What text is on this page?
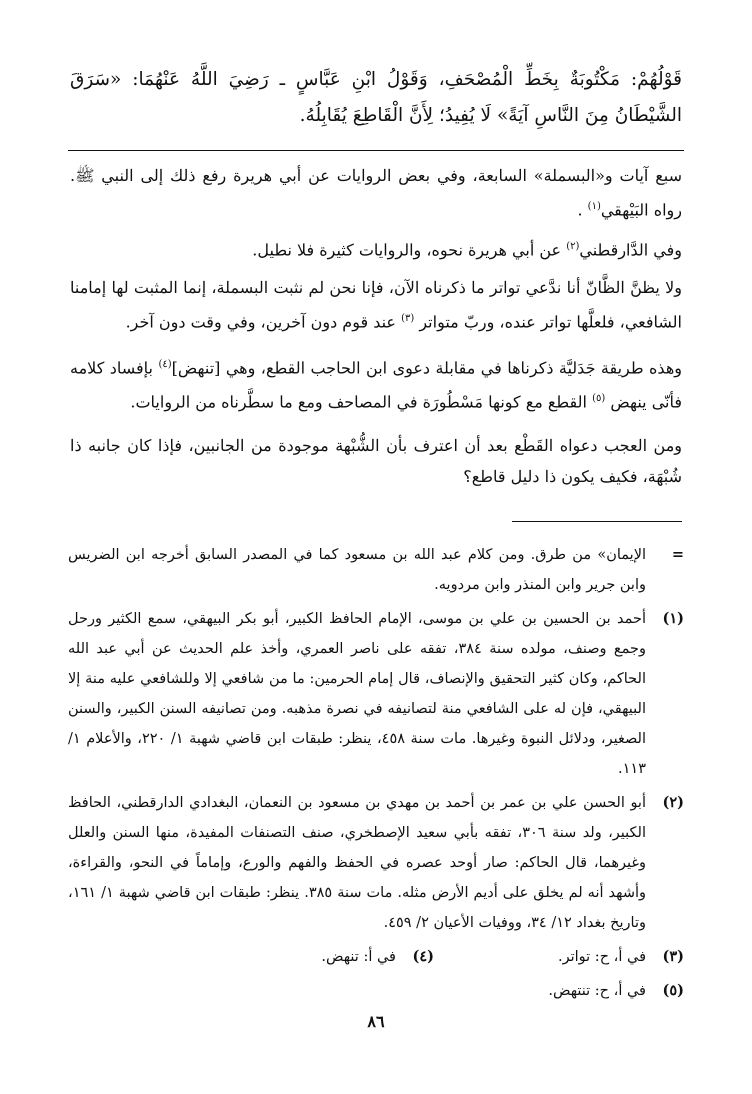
قَوْلُهُمْ: مَكْتُوبَةٌ بِخَطِّ الْمُصْحَفِ، وَقَوْلُ ابْنِ عَبَّاسٍ ـ رَضِيَ اللَّهُ عَنْهُمَا: «سَرَقَ الشَّيْطَانُ مِنَ النَّاسِ آيَةً» لَا يُفِيدُ؛ لِأَنَّ الْقَاطِعَ يُقَابِلُهُ.

سبع آيات و«البسملة» السابعة، وفي بعض الروايات عن أبي هريرة رفع ذلك إلى النبي ﷺ. رواه البَيْهقي$^{(١)}$ .

وفي الدَّارقطني$^{(٢)}$ عن أبي هريرة نحوه، والروايات كثيرة فلا نطيل.

ولا يظنَّ الظَّانّ أنا ندَّعي تواتر ما ذكرناه الآن، فإنا نحن لم نثبت البسملة، إنما المثبت لها إمامنا الشافعي، فلعلَّها تواتر عنده، وربّ متواتر $^{(٣)}$ عند قوم دون آخرين، وفي وقت دون آخر.

وهذه طريقة جَدَليَّة ذكرناها في مقابلة دعوى ابن الحاجب القطع، وهي [تنهض]$^{(٤)}$ بإفساد كلامه فأنّى ينهض $^{(٥)}$ القطع مع كونها مَسْطُورَة في المصاحف ومع ما سطَّرناه من الروايات.

ومن العجب دعواه القَطْع بعد أن اعترف بأن الشُّبْهة موجودة من الجانبين، فإذا كان جانبه ذا شُبْهَة، فكيف يكون ذا دليل قاطع؟

=
الإيمان» من طرق. ومن كلام عبد الله بن مسعود كما في المصدر السابق أخرجه ابن الضريس وابن جرير وابن المنذر وابن مردويه.
(١)
أحمد بن الحسين بن علي بن موسى، الإمام الحافظ الكبير، أبو بكر البيهقي، سمع الكثير ورحل وجمع وصنف، مولده سنة ٣٨٤، تفقه على ناصر العمري، وأخذ علم الحديث عن أبي عبد الله الحاكم، وكان كثير التحقيق والإنصاف، قال إمام الحرمين: ما من شافعي إلا وللشافعي عليه منة إلا البيهقي، فإن له على الشافعي منة لتصانيفه في نصرة مذهبه. ومن تصانيفه السنن الكبير، والسنن الصغير، ودلائل النبوة وغيرها. مات سنة ٤٥٨، ينظر: طبقات ابن قاضي شهبة ١/ ٢٢٠، والأعلام ١/ ١١٣.
(٢)
أبو الحسن علي بن عمر بن أحمد بن مهدي بن مسعود بن النعمان، البغدادي الدارقطني، الحافظ الكبير، ولد سنة ٣٠٦، تفقه بأبي سعيد الإصطخري، صنف التصنفات المفيدة، منها السنن والعلل وغيرهما، قال الحاكم: صار أوحد عصره في الحفظ والفهم والورع، وإماماً في النحو، والقراءة، وأشهد أنه لم يخلق على أديم الأرض مثله. مات سنة ٣٨٥. ينظر: طبقات ابن قاضي شهبة ١/ ١٦١، وتاريخ بغداد ١٢/ ٣٤، ووفيات الأعيان ٢/ ٤٥٩.
(٣)
في أ، ح: تواتر.
(٤)
في أ: تنهض.
(٥)
في أ، ح: تنتهض.
٨٦
